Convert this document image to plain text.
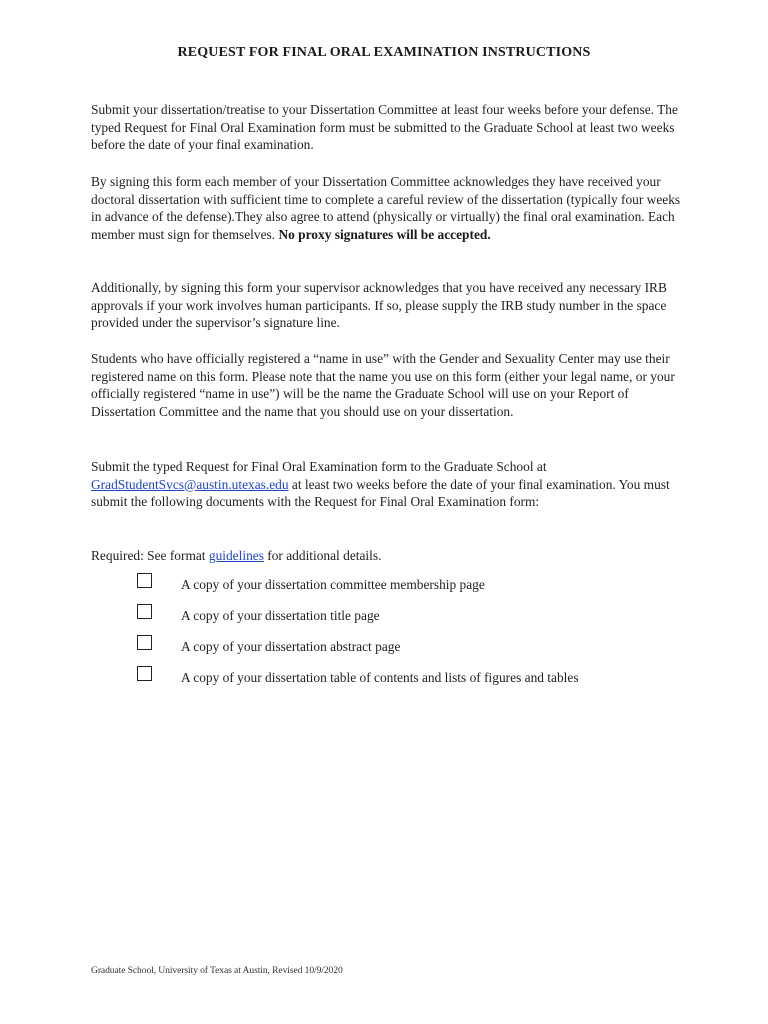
REQUEST FOR FINAL ORAL EXAMINATION INSTRUCTIONS
Submit your dissertation/treatise to your Dissertation Committee at least four weeks before your defense. The typed Request for Final Oral Examination form must be submitted to the Graduate School at least two weeks before the date of your final examination.
By signing this form each member of your Dissertation Committee acknowledges they have received your doctoral dissertation with sufficient time to complete a careful review of the dissertation (typically four weeks in advance of the defense).They also agree to attend (physically or virtually) the final oral examination. Each member must sign for themselves. No proxy signatures will be accepted.
Additionally, by signing this form your supervisor acknowledges that you have received any necessary IRB approvals if your work involves human participants. If so, please supply the IRB study number in the space provided under the supervisor’s signature line.
Students who have officially registered a “name in use” with the Gender and Sexuality Center may use their registered name on this form. Please note that the name you use on this form (either your legal name, or your officially registered “name in use”) will be the name the Graduate School will use on your Report of Dissertation Committee and the name that you should use on your dissertation.
Submit the typed Request for Final Oral Examination form to the Graduate School at GradStudentSvcs@austin.utexas.edu at least two weeks before the date of your final examination. You must submit the following documents with the Request for Final Oral Examination form:
Required: See format guidelines for additional details.
A copy of your dissertation committee membership page
A copy of your dissertation title page
A copy of your dissertation abstract page
A copy of your dissertation table of contents and lists of figures and tables
Graduate School, University of Texas at Austin, Revised 10/9/2020
